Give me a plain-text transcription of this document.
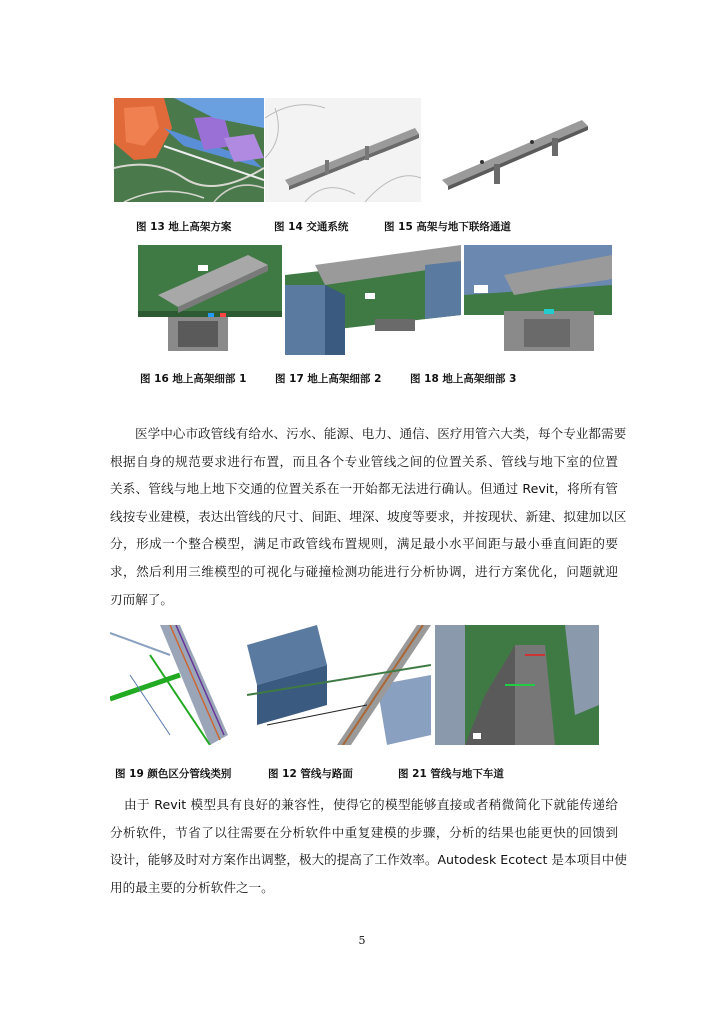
图 13 地上高架方案	图 14 交通系统	图 15 高架与地下联络通道
图 16 地上高架细部 1	图 17 地上高架细部 2	图 18 地上高架细部 3
医学中心市政管线有给水、污水、能源、电力、通信、医疗用管六大类，每个专业都需要
根据自身的规范要求进行布置，而且各个专业管线之间的位置关系、管线与地下室的位置
关系、管线与地上地下交通的位置关系在一开始都无法进行确认。但通过 Revit，将所有管
线按专业建模，表达出管线的尺寸、间距、埋深、坡度等要求，并按现状、新建、拟建加以区
分，形成一个整合模型，满足市政管线布置规则，满足最小水平间距与最小垂直间距的要
求，然后利用三维模型的可视化与碰撞检测功能进行分析协调，进行方案优化，问题就迎
刃而解了。
图 19 颜色区分管线类别	图 12 管线与路面	图 21 管线与地下车道
由于 Revit 模型具有良好的兼容性，使得它的模型能够直接或者稍微简化下就能传递给
分析软件，节省了以往需要在分析软件中重复建模的步骤，分析的结果也能更快的回馈到
设计，能够及时对方案作出调整，极大的提高了工作效率。Autodesk Ecotect 是本项目中使
用的最主要的分析软件之一。
5
